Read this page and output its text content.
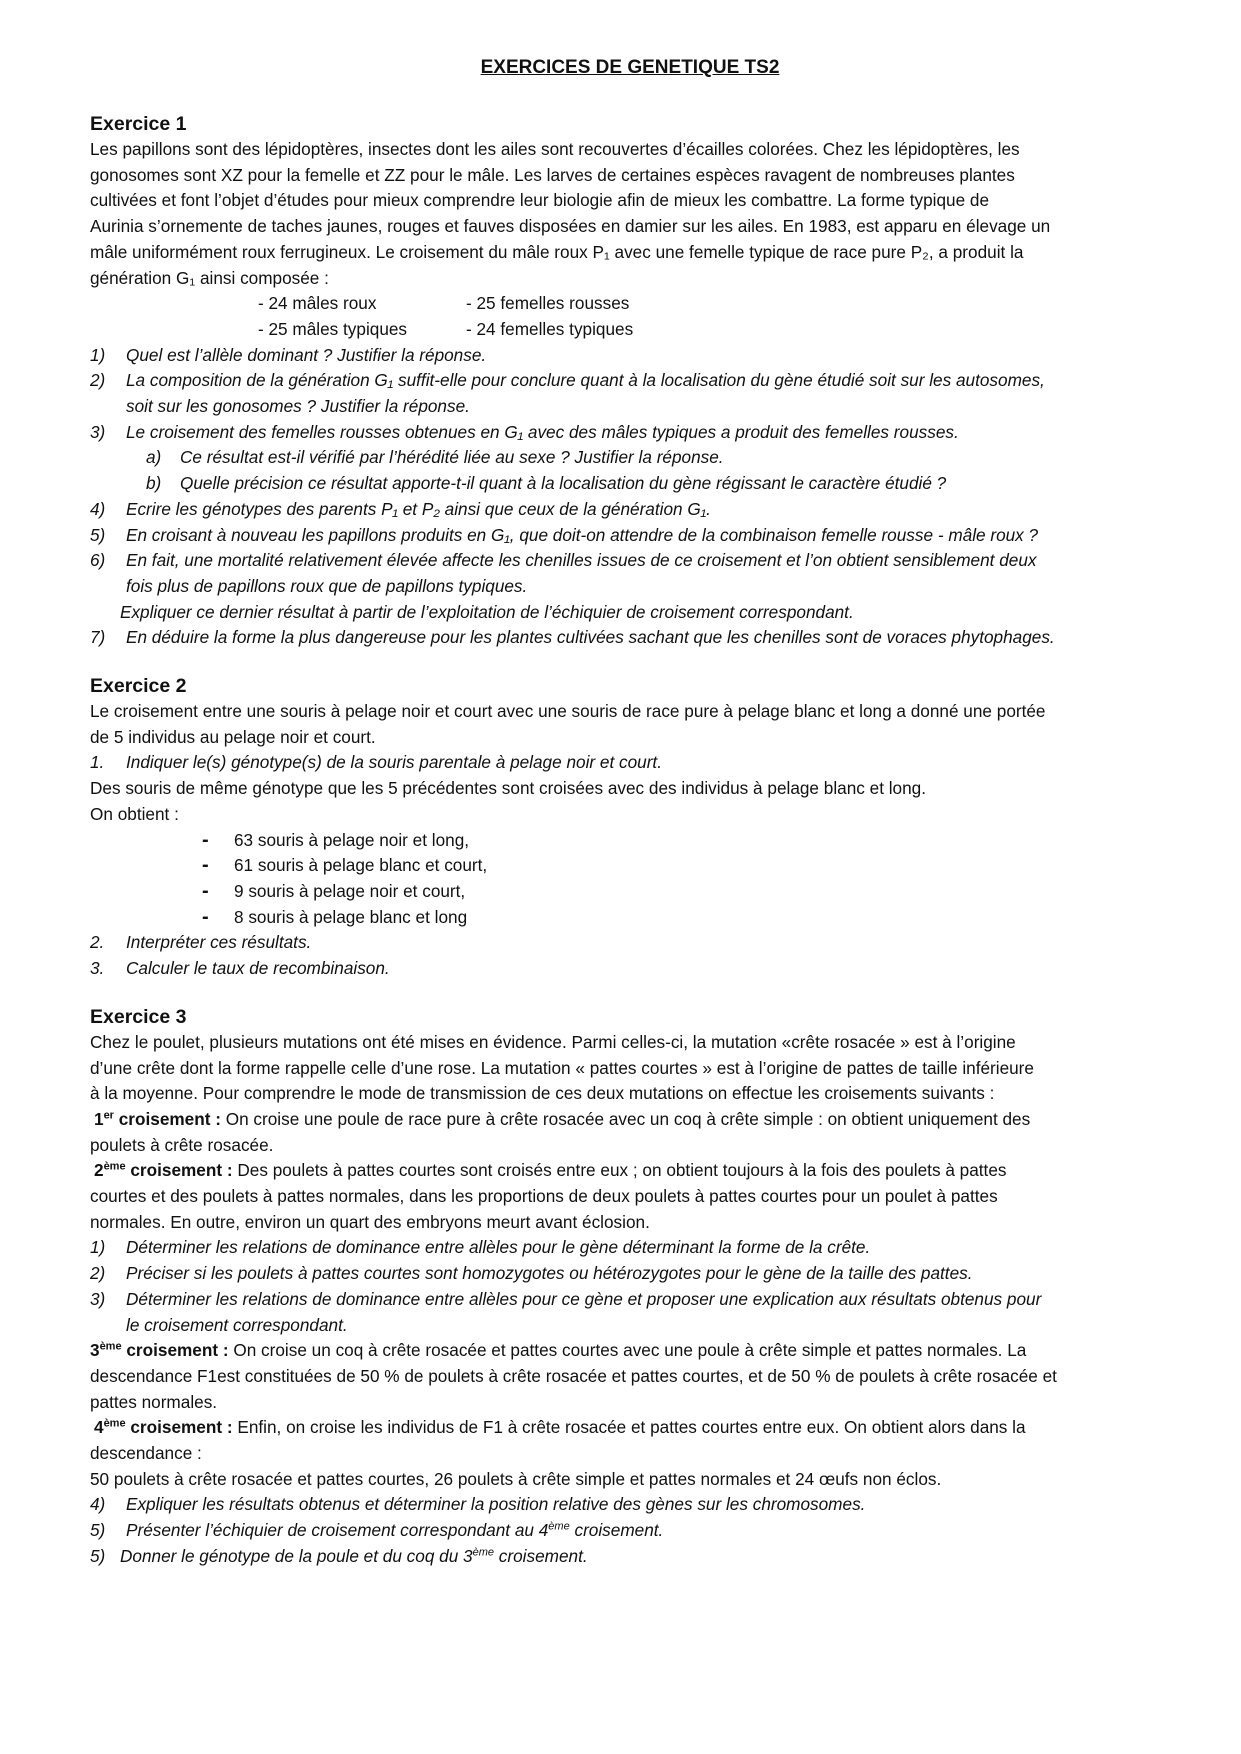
EXERCICES DE GENETIQUE TS2
Exercice 1

Les papillons sont des lépidoptères, insectes dont les ailes sont recouvertes d’écailles colorées. Chez les lépidoptères, les

gonosomes sont XZ pour la femelle et ZZ pour le mâle. Les larves de certaines espèces ravagent de nombreuses plantes

cultivées et font l’objet d’études pour mieux comprendre leur biologie afin de mieux les combattre. La forme typique de

Aurinia s’ornemente de taches jaunes, rouges et fauves disposées en damier sur les ailes. En 1983, est apparu en élevage un

mâle uniformément roux ferrugineux. Le croisement du mâle roux P₁ avec une femelle typique de race pure P₂, a produit la

génération G₁ ainsi composée :

- 24 mâles roux	- 25 femelles rousses
- 25 mâles typiques	- 24 femelles typiques
1)	Quel est l’allèle dominant ? Justifier la réponse.
2)	La composition de la génération G₁ suffit-elle pour conclure quant à la localisation du gène étudié soit sur les autosomes,

soit sur les gonosomes ? Justifier la réponse.

3)	Le croisement des femelles rousses obtenues en G₁ avec des mâles typiques a produit des femelles rousses.
a)	Ce résultat est-il vérifié par l’hérédité liée au sexe ? Justifier la réponse.
b)	Quelle précision ce résultat apporte-t-il quant à la localisation du gène régissant le caractère étudié ?
4)	Ecrire les génotypes des parents P₁ et P₂ ainsi que ceux de la génération G₁.
5)	En croisant à nouveau les papillons produits en G₁, que doit-on attendre de la combinaison femelle rousse - mâle roux ?
6)	En fait, une mortalité relativement élevée affecte les chenilles issues de ce croisement et l’on obtient sensiblement deux

fois plus de papillons roux que de papillons typiques.

Expliquer ce dernier résultat à partir de l’exploitation de l’échiquier de croisement correspondant.

7)	En déduire la forme la plus dangereuse pour les plantes cultivées sachant que les chenilles sont de voraces phytophages.
Exercice 2

Le croisement entre une souris à pelage noir et court avec une souris de race pure à pelage blanc et long a donné une portée

de 5 individus au pelage noir et court.

1.	Indiquer le(s) génotype(s) de la souris parentale à pelage noir et court.

Des souris de même génotype que les 5 précédentes sont croisées avec des individus à pelage blanc et long.

On obtient :

-	63 souris à pelage noir et long,
-	61 souris à pelage blanc et court,
-	9 souris à pelage noir et court,
-	8 souris à pelage blanc et long
2.	Interpréter ces résultats.
3.	Calculer le taux de recombinaison.
Exercice 3

Chez le poulet, plusieurs mutations ont été mises en évidence. Parmi celles-ci, la mutation «crête rosacée » est à l’origine

d’une crête dont la forme rappelle celle d’une rose. La mutation « pattes courtes » est à l’origine de pattes de taille inférieure

à la moyenne. Pour comprendre le mode de transmission de ces deux mutations on effectue les croisements suivants :

1er croisement : On croise une poule de race pure à crête rosacée avec un coq à crête simple : on obtient uniquement des

poulets à crête rosacée.

2ème croisement : Des poulets à pattes courtes sont croisés entre eux ; on obtient toujours à la fois des poulets à pattes

courtes et des poulets à pattes normales, dans les proportions de deux poulets à pattes courtes pour un poulet à pattes

normales. En outre, environ un quart des embryons meurt avant éclosion.

1)	Déterminer les relations de dominance entre allèles pour le gène déterminant la forme de la crête.
2)	Préciser si les poulets à pattes courtes sont homozygotes ou hétérozygotes pour le gène de la taille des pattes.
3)	Déterminer les relations de dominance entre allèles pour ce gène et proposer une explication aux résultats obtenus pour

le croisement correspondant.

3ème croisement : On croise un coq à crête rosacée et pattes courtes avec une poule à crête simple et pattes normales. La

descendance F1est constituées de 50 % de poulets à crête rosacée et pattes courtes, et de 50 % de poulets à crête rosacée et

pattes normales.

4ème croisement : Enfin, on croise les individus de F1 à crête rosacée et pattes courtes entre eux. On obtient alors dans la

descendance :

50 poulets à crête rosacée et pattes courtes, 26 poulets à crête simple et pattes normales et 24 œufs non éclos.

4)	Expliquer les résultats obtenus et déterminer la position relative des gènes sur les chromosomes.
5)	Présenter l’échiquier de croisement correspondant au 4ème croisement.
5) Donner le génotype de la poule et du coq du 3ème croisement.
